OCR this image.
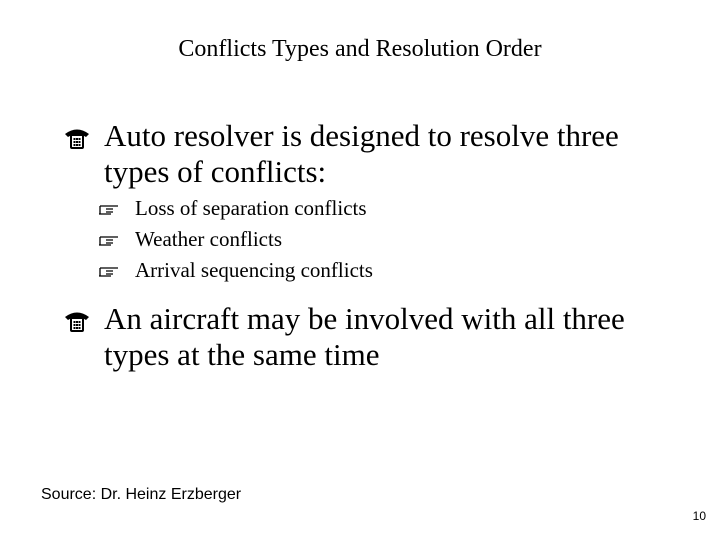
Conflicts Types and Resolution Order
Auto resolver is designed to resolve three
types of conflicts:
Loss of separation conflicts
Weather conflicts
Arrival sequencing conflicts
An aircraft may be involved with all three
types at the same time
Source: Dr. Heinz Erzberger
10
